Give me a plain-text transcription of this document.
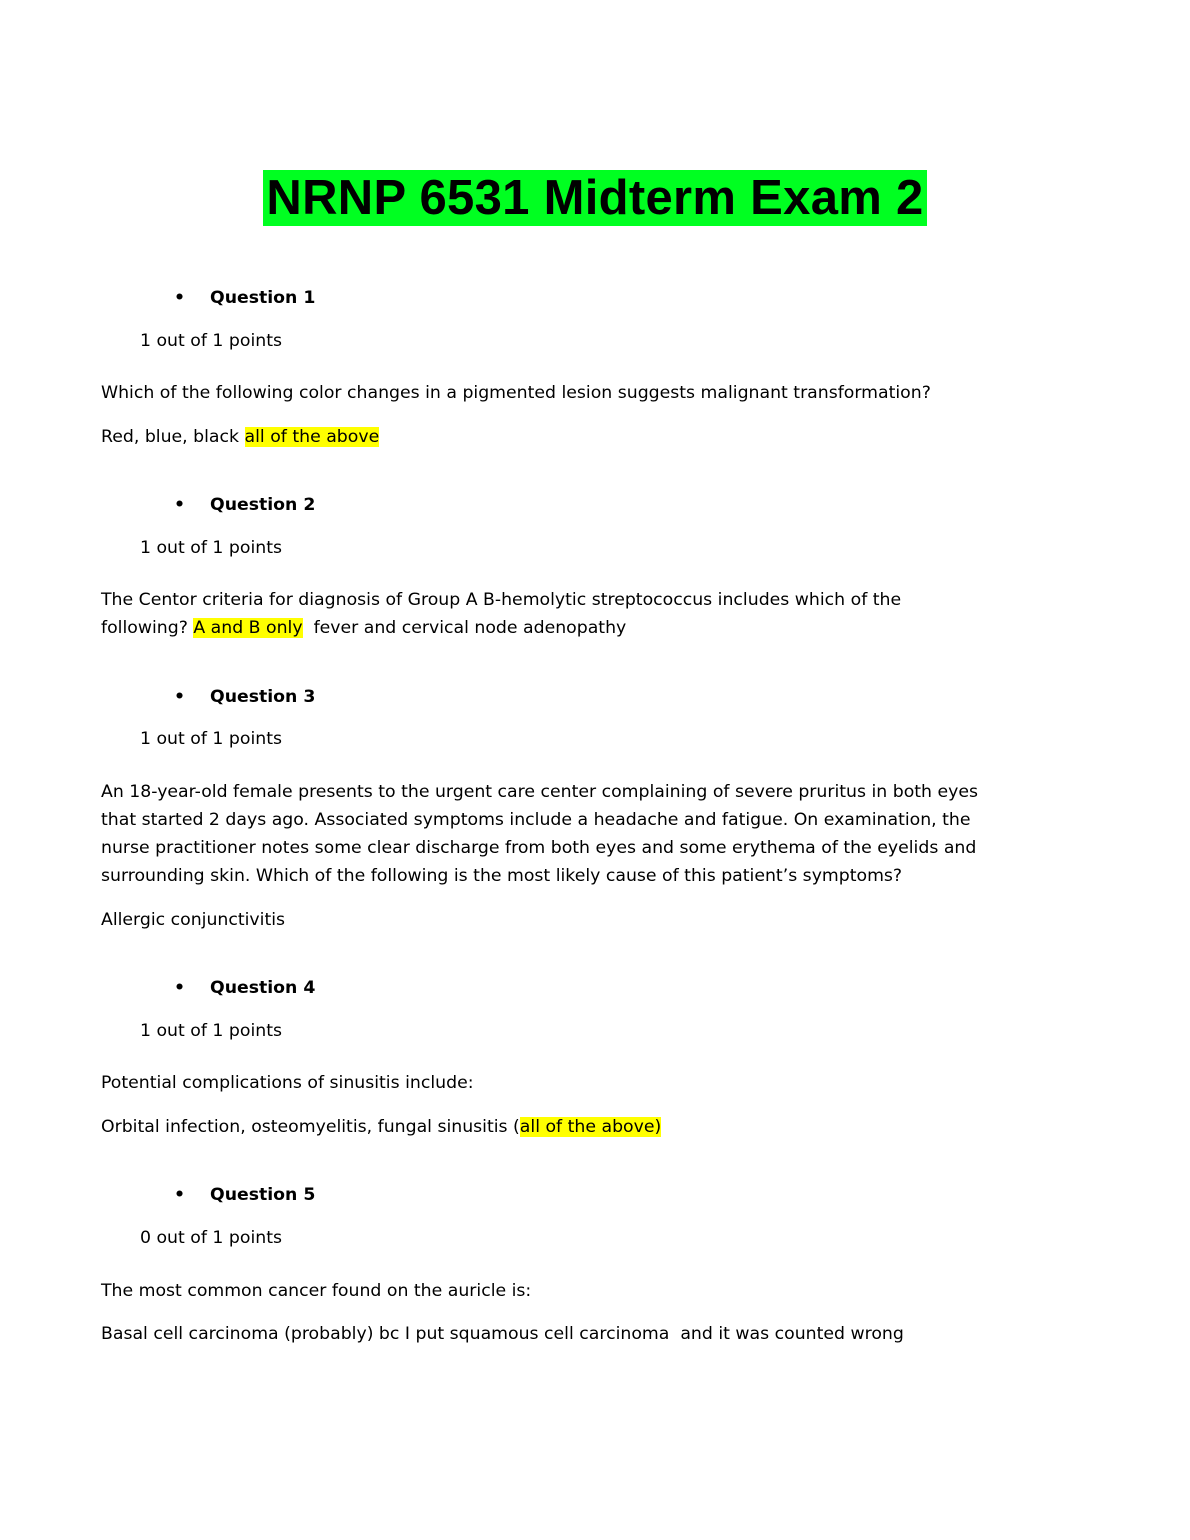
NRNP 6531 Midterm Exam 2
• Question 1
1 out of 1 points
Which of the following color changes in a pigmented lesion suggests malignant transformation?
Red, blue, black all of the above
• Question 2
1 out of 1 points
The Centor criteria for diagnosis of Group A B-hemolytic streptococcus includes which of the
following? A and B only  fever and cervical node adenopathy
• Question 3
1 out of 1 points
An 18-year-old female presents to the urgent care center complaining of severe pruritus in both eyes
that started 2 days ago. Associated symptoms include a headache and fatigue. On examination, the
nurse practitioner notes some clear discharge from both eyes and some erythema of the eyelids and
surrounding skin. Which of the following is the most likely cause of this patient’s symptoms?
Allergic conjunctivitis
• Question 4
1 out of 1 points
Potential complications of sinusitis include:
Orbital infection, osteomyelitis, fungal sinusitis (all of the above)
• Question 5
0 out of 1 points
The most common cancer found on the auricle is:
Basal cell carcinoma (probably) bc I put squamous cell carcinoma  and it was counted wrong
